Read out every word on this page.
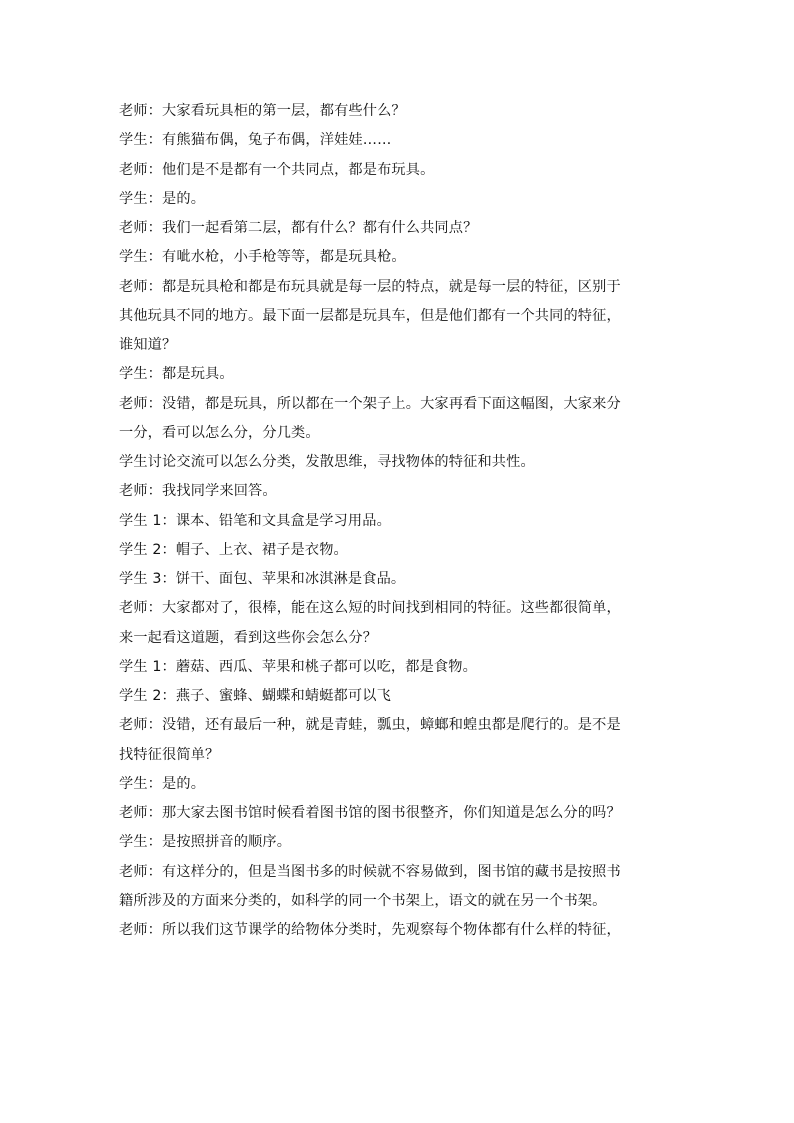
老师：大家看玩具柜的第一层，都有些什么？
学生：有熊猫布偶，兔子布偶，洋娃娃……
老师：他们是不是都有一个共同点，都是布玩具。
学生：是的。
老师：我们一起看第二层，都有什么？都有什么共同点？
学生：有呲水枪，小手枪等等，都是玩具枪。
老师：都是玩具枪和都是布玩具就是每一层的特点，就是每一层的特征，区别于
其他玩具不同的地方。最下面一层都是玩具车，但是他们都有一个共同的特征，
谁知道？
学生：都是玩具。
老师：没错，都是玩具，所以都在一个架子上。大家再看下面这幅图，大家来分
一分，看可以怎么分，分几类。
学生讨论交流可以怎么分类，发散思维，寻找物体的特征和共性。
老师：我找同学来回答。
学生 1：课本、铅笔和文具盒是学习用品。
学生 2：帽子、上衣、裙子是衣物。
学生 3：饼干、面包、苹果和冰淇淋是食品。
老师：大家都对了，很棒，能在这么短的时间找到相同的特征。这些都很简单，
来一起看这道题，看到这些你会怎么分？
学生 1：蘑菇、西瓜、苹果和桃子都可以吃，都是食物。
学生 2：燕子、蜜蜂、蝴蝶和蜻蜓都可以飞
老师：没错，还有最后一种，就是青蛙，瓢虫，蟑螂和蝗虫都是爬行的。是不是
找特征很简单？
学生：是的。
老师：那大家去图书馆时候看着图书馆的图书很整齐，你们知道是怎么分的吗？
学生：是按照拼音的顺序。
老师：有这样分的，但是当图书多的时候就不容易做到，图书馆的藏书是按照书
籍所涉及的方面来分类的，如科学的同一个书架上，语文的就在另一个书架。
老师：所以我们这节课学的给物体分类时，先观察每个物体都有什么样的特征，
